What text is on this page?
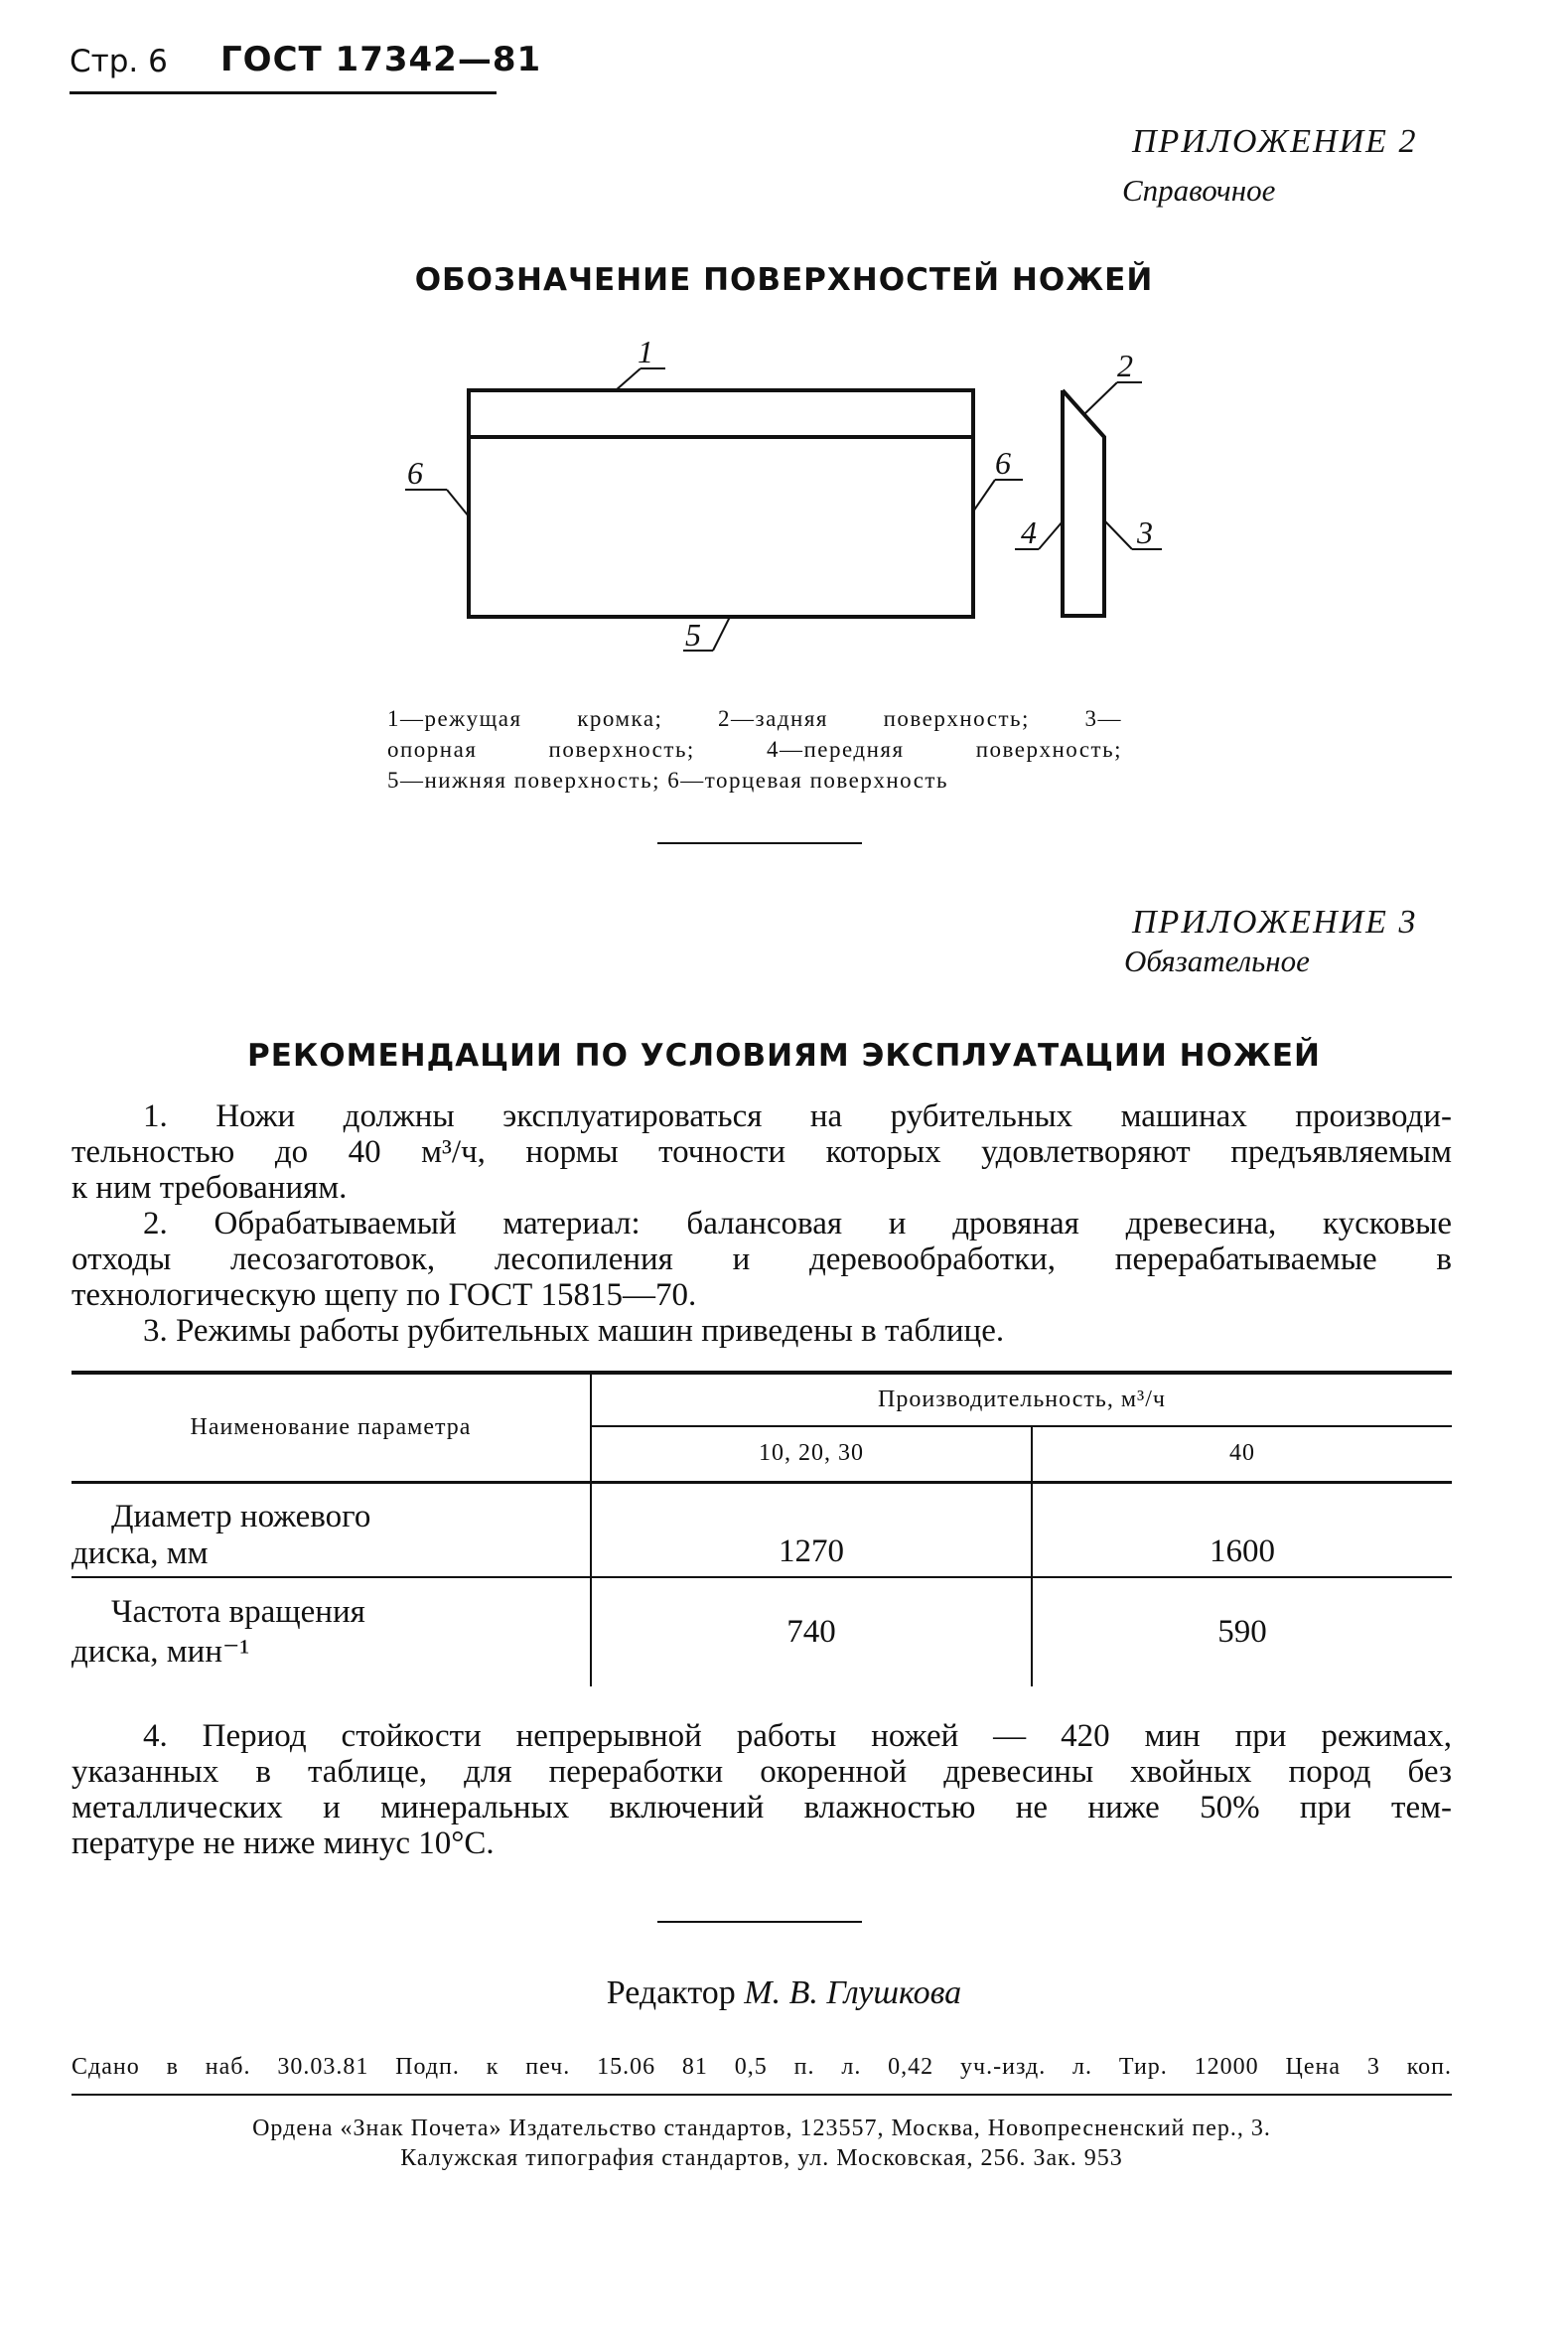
Стр. 6 ГОСТ 17342—81
ПРИЛОЖЕНИЕ 2
Справочное
ОБОЗНАЧЕНИЕ ПОВЕРХНОСТЕЙ НОЖЕЙ
1	2
3
4
5
6	6
1—режущая кромка; 2—задняя поверхность; 3—
опорная поверхность; 4—передняя поверхность;
5—нижняя поверхность; 6—торцевая поверхность
ПРИЛОЖЕНИЕ 3
Обязательное
РЕКОМЕНДАЦИИ ПО УСЛОВИЯМ ЭКСПЛУАТАЦИИ НОЖЕЙ

1. Ножи должны эксплуатироваться на рубительных машинах производи-

тельностью до 40 м³/ч, нормы точности которых удовлетворяют предъявляемым

к ним требованиям.

2. Обрабатываемый материал: балансовая и дровяная древесина, кусковые

отходы лесозаготовок, лесопиления и деревообработки, перерабатываемые в

технологическую щепу по ГОСТ 15815—70.

3. Режимы работы рубительных машин приведены в таблице.

Наименование параметра	Производительность, м³/ч	
	10, 20, 30	40

Диаметр ножевого
диска, мм	1270	1600

Частота вращения
диска, мин⁻¹	740	590

4. Период стойкости непрерывной работы ножей — 420 мин при режимах,

указанных в таблице, для переработки окоренной древесины хвойных пород без

металлических и минеральных включений влажностью не ниже 50% при тем-

пературе не ниже минус 10°С.

Редактор М. В. Глушкова
Сдано в наб. 30.03.81 Подп. к печ. 15.06 81 0,5 п. л. 0,42 уч.-изд. л. Тир. 12000 Цена 3 коп.
Ордена «Знак Почета» Издательство стандартов, 123557, Москва, Новопресненский пер., 3.
Калужская типография стандартов, ул. Московская, 256. Зак. 953
